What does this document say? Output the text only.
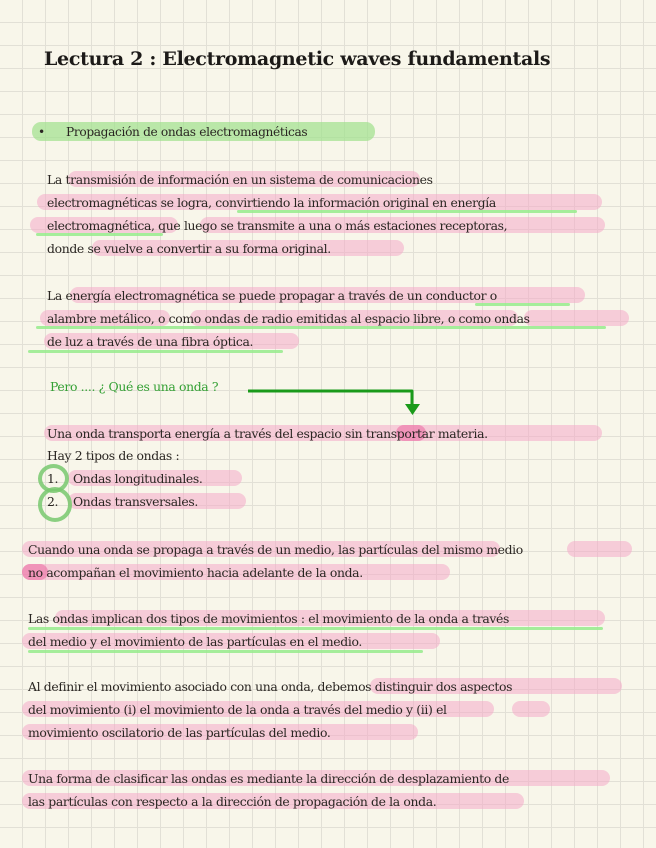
Lectura 2 : Electromagnetic waves fundamentals
• Propagación de ondas electromagnéticas
La transmisión de información en un sistema de comunicaciones
electromagnéticas se logra, convirtiendo la información original en energía
electromagnética, que luego se transmite a una o más estaciones receptoras,
donde se vuelve a convertir a su forma original.
La energía electromagnética se puede propagar a través de un conductor o
alambre metálico, o como ondas de radio emitidas al espacio libre, o como ondas
de luz a través de una fibra óptica.
Pero .... ¿ Qué es una onda ?
Una onda transporta energía a través del espacio sin transportar materia.
Hay 2 tipos de ondas :
1. Ondas longitudinales.
2. Ondas transversales.
Cuando una onda se propaga a través de un medio, las partículas del mismo medio
no acompañan el movimiento hacia adelante de la onda.
Las ondas implican dos tipos de movimientos : el movimiento de la onda a través
del medio y el movimiento de las partículas en el medio.
Al definir el movimiento asociado con una onda, debemos distinguir dos aspectos
del movimiento (i) el movimiento de la onda a través del medio y (ii) el
movimiento oscilatorio de las partículas del medio.
Una forma de clasificar las ondas es mediante la dirección de desplazamiento de
las partículas con respecto a la dirección de propagación de la onda.
